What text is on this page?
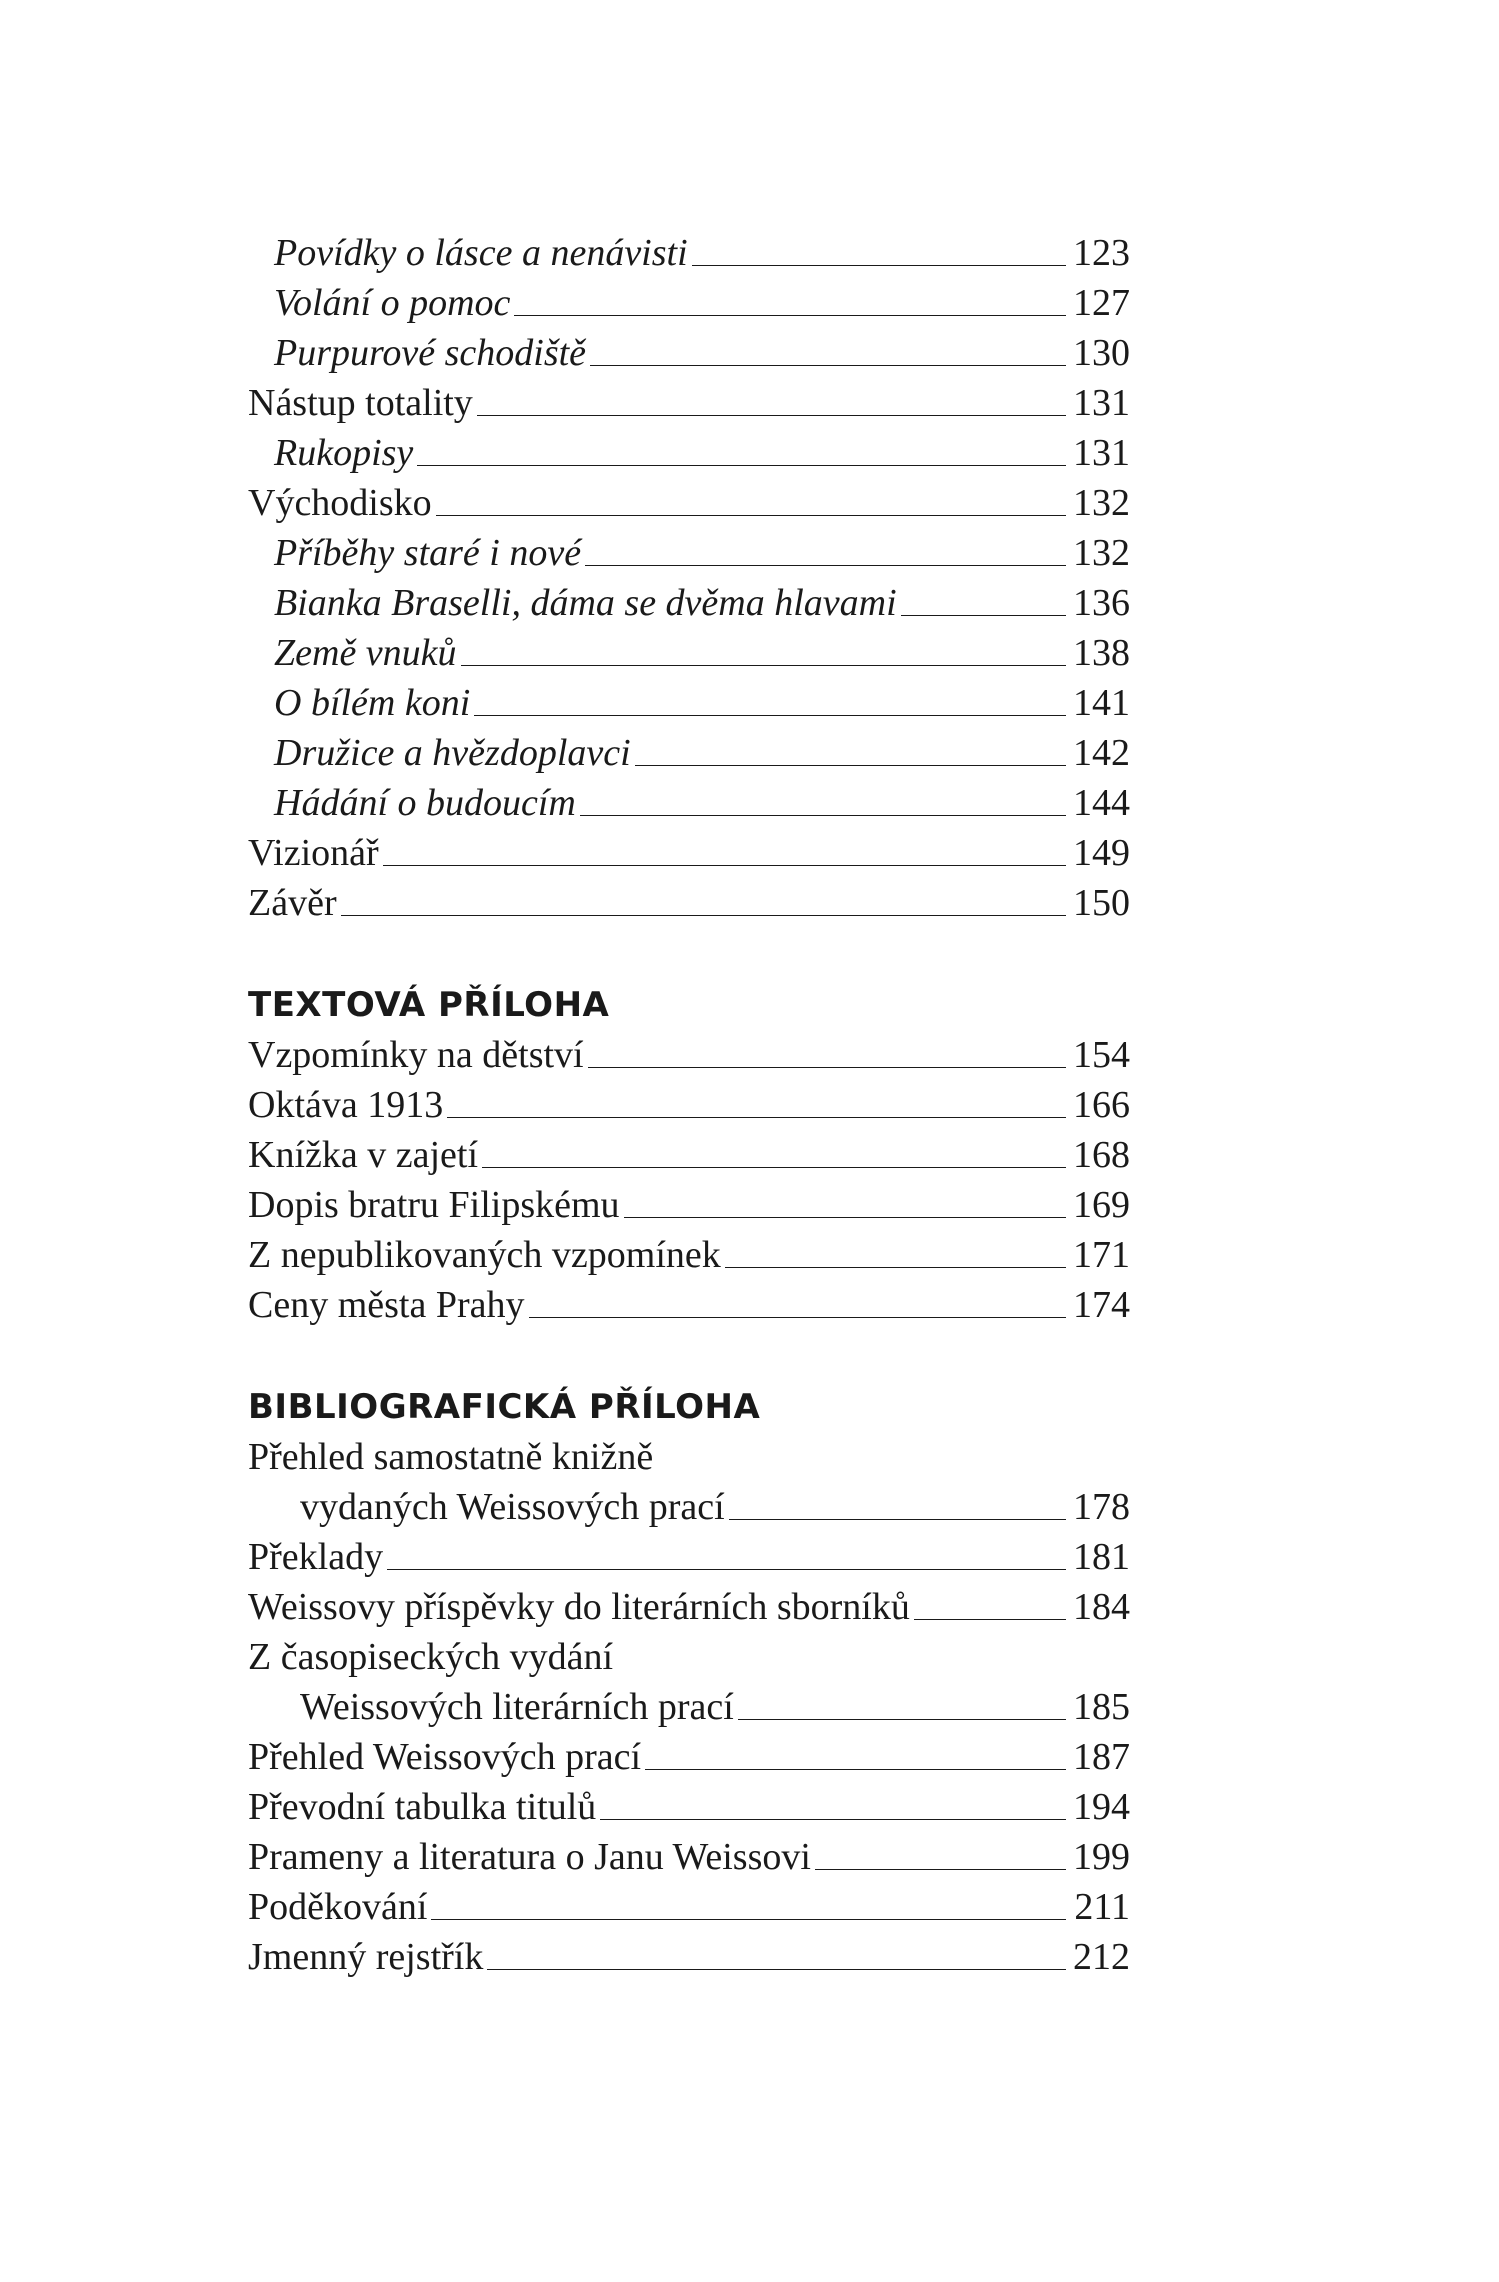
Povídky o lásce a nenávisti	123
Volání o pomoc	127
Purpurové schodiště	130
Nástup totality	131
Rukopisy	131
Východisko	132
Příběhy staré i nové	132
Bianka Braselli, dáma se dvěma hlavami	136
Země vnuků	138
O bílém koni	141
Družice a hvězdoplavci	142
Hádání o budoucím	144
Vizionář	149
Závěr	150
TEXTOVÁ PŘÍLOHA
Vzpomínky na dětství	154
Oktáva 1913	166
Knížka v zajetí	168
Dopis bratru Filipskému	169
Z nepublikovaných vzpomínek	171
Ceny města Prahy	174
BIBLIOGRAFICKÁ PŘÍLOHA
Přehled samostatně knižně
vydaných Weissových prací	178
Překlady	181
Weissovy příspěvky do literárních sborníků	184
Z časopiseckých vydání
Weissových literárních prací	185
Přehled Weissových prací	187
Převodní tabulka titulů	194
Prameny a literatura o Janu Weissovi	199
Poděkování	211
Jmenný rejstřík	212
